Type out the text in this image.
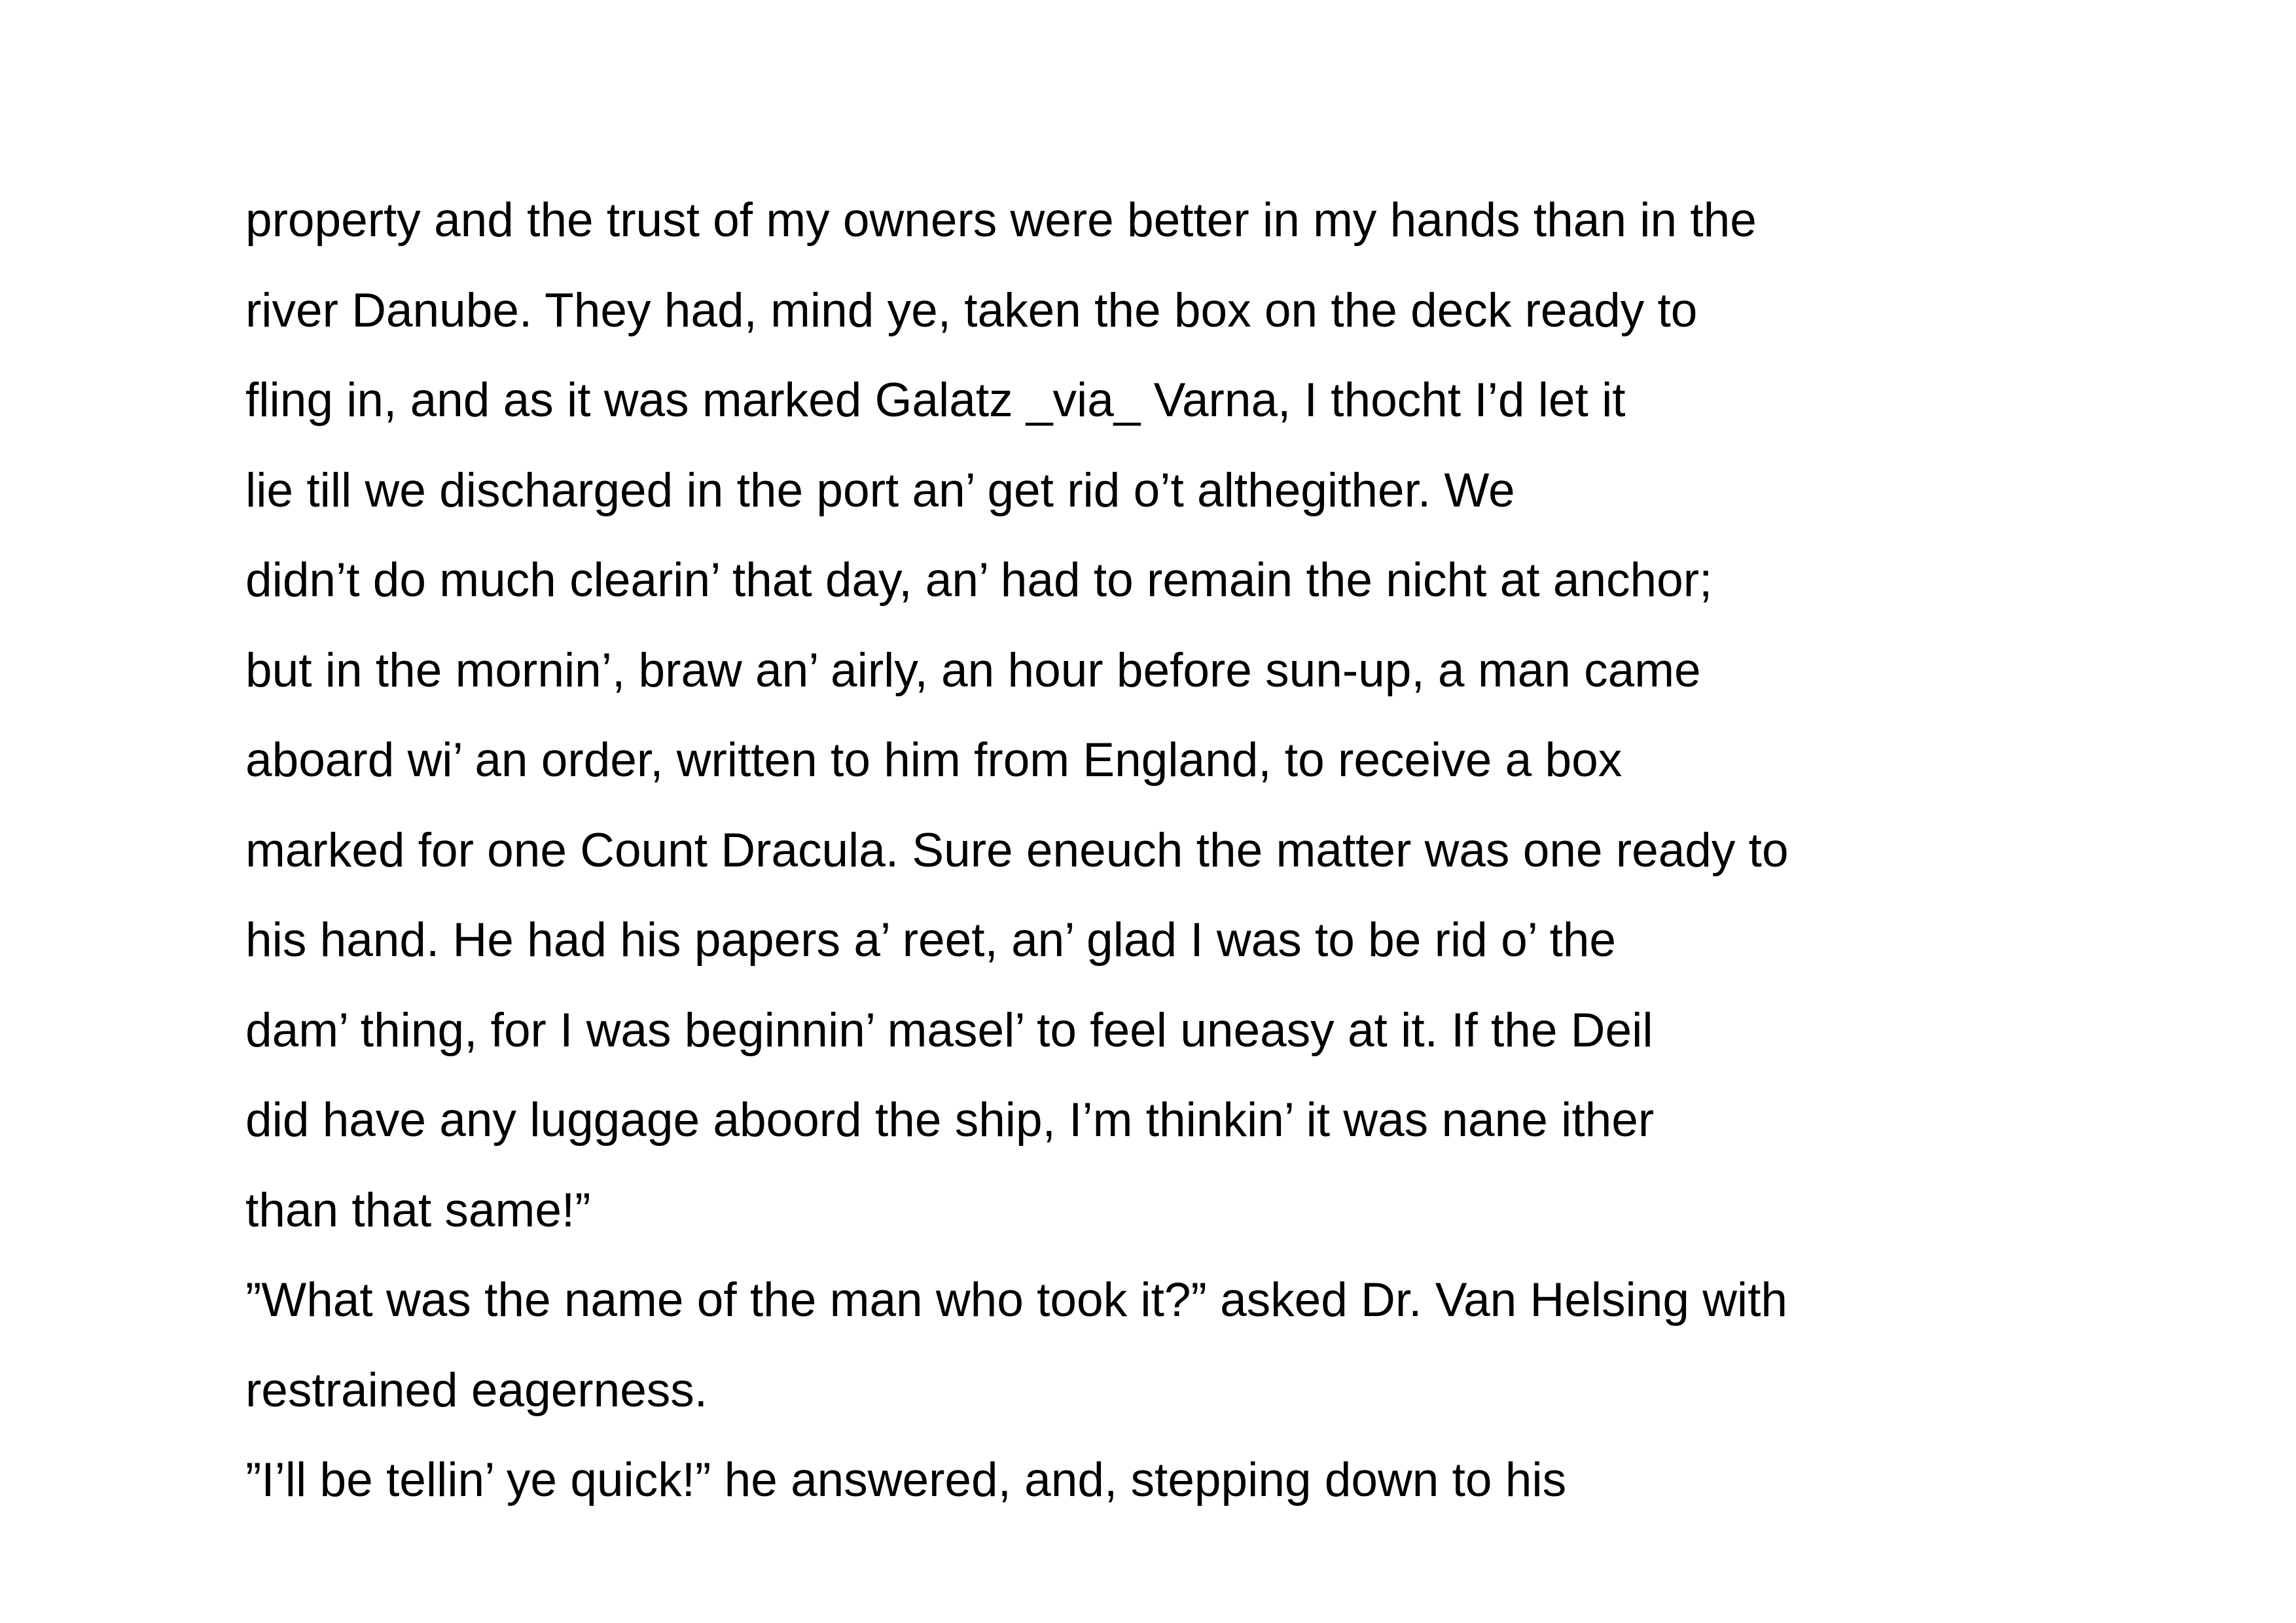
property and the trust of my owners were better in my hands than in the
river Danube. They had, mind ye, taken the box on the deck ready to
fling in, and as it was marked Galatz _via_ Varna, I thocht I’d let it
lie till we discharged in the port an’ get rid o’t althegither. We
didn’t do much clearin’ that day, an’ had to remain the nicht at anchor;
but in the mornin’, braw an’ airly, an hour before sun-up, a man came
aboard wi’ an order, written to him from England, to receive a box
marked for one Count Dracula. Sure eneuch the matter was one ready to
his hand. He had his papers a’ reet, an’ glad I was to be rid o’ the
dam’ thing, for I was beginnin’ masel’ to feel uneasy at it. If the Deil
did have any luggage aboord the ship, I’m thinkin’ it was nane ither
than that same!”
”What was the name of the man who took it?” asked Dr. Van Helsing with
restrained eagerness.
”I’ll be tellin’ ye quick!” he answered, and, stepping down to his
